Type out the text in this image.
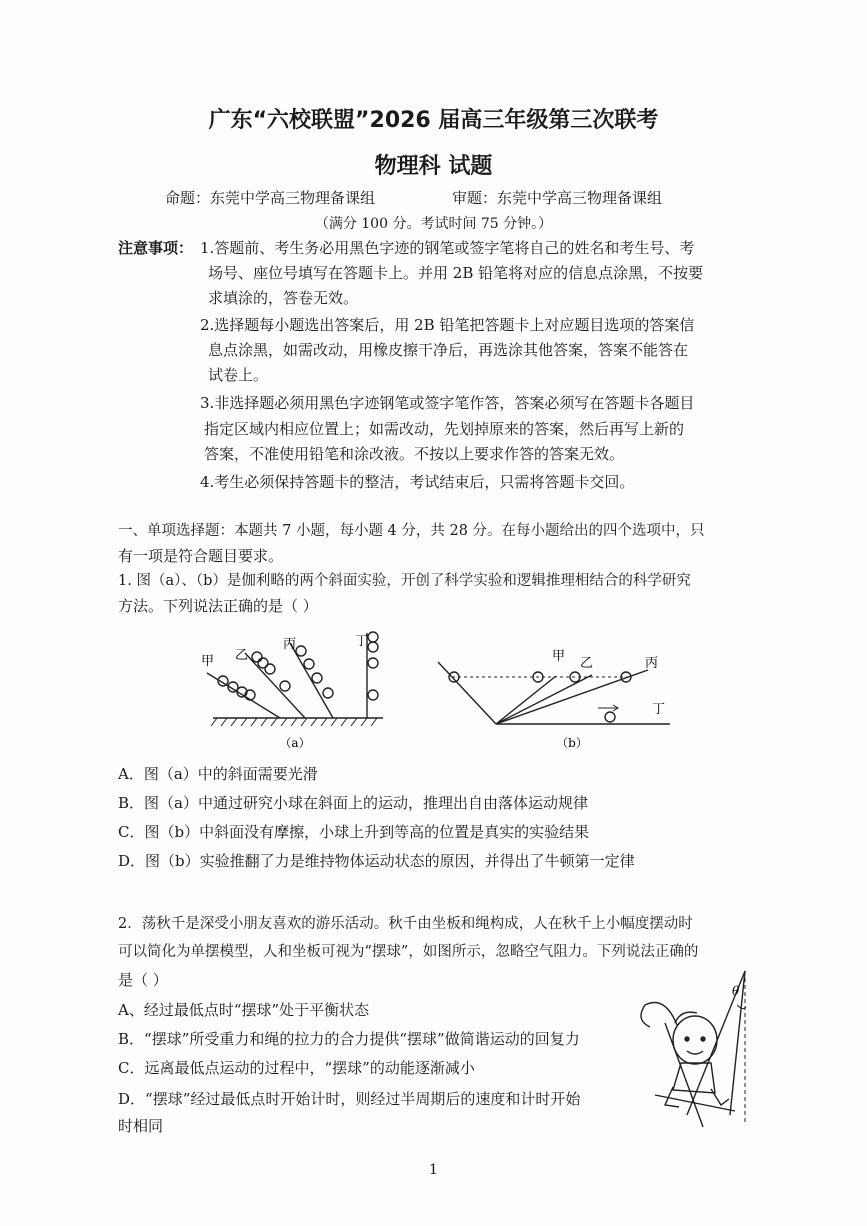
广东“六校联盟”2026 届高三年级第三次联考
物理科 试题
命题：东莞中学高三物理备课组	审题：东莞中学高三物理备课组
（满分 100 分。考试时间 75 分钟。）
注意事项： 1.答题前、考生务必用黑色字迹的钢笔或签字笔将自己的姓名和考生号、考
场号、座位号填写在答题卡上。并用 2B 铅笔将对应的信息点涂黑，不按要
求填涂的，答卷无效。
2.选择题每小题选出答案后，用 2B 铅笔把答题卡上对应题目选项的答案信
息点涂黑，如需改动，用橡皮擦干净后，再选涂其他答案，答案不能答在
试卷上。
3.非选择题必须用黑色字迹钢笔或签字笔作答，答案必须写在答题卡各题目
指定区域内相应位置上；如需改动，先划掉原来的答案，然后再写上新的
答案，不准使用铅笔和涂改液。不按以上要求作答的答案无效。
4.考生必须保持答题卡的整洁，考试结束后，只需将答题卡交回。
一、单项选择题：本题共 7 小题，每小题 4 分，共 28 分。在每小题给出的四个选项中，只
有一项是符合题目要求。
1. 图（a）、（b）是伽利略的两个斜面实验，开创了科学实验和逻辑推理相结合的科学研究
方法。下列说法正确的是（ ）
甲 乙
丙	丁
（a）
甲 乙	丙
丁
（b）
A．图（a）中的斜面需要光滑
B．图（a）中通过研究小球在斜面上的运动，推理出自由落体运动规律
C．图（b）中斜面没有摩擦，小球上升到等高的位置是真实的实验结果
D．图（b）实验推翻了力是维持物体运动状态的原因，并得出了牛顿第一定律
2．荡秋千是深受小朋友喜欢的游乐活动。秋千由坐板和绳构成，人在秋千上小幅度摆动时
可以简化为单摆模型，人和坐板可视为“摆球”，如图所示，忽略空气阻力。下列说法正确的
是（ ）
A、经过最低点时“摆球”处于平衡状态
B．“摆球”所受重力和绳的拉力的合力提供“摆球”做简谐运动的回复力
C．远离最低点运动的过程中，“摆球”的动能逐渐减小
D．“摆球”经过最低点时开始计时，则经过半周期后的速度和计时开始
时相同
θ
1
